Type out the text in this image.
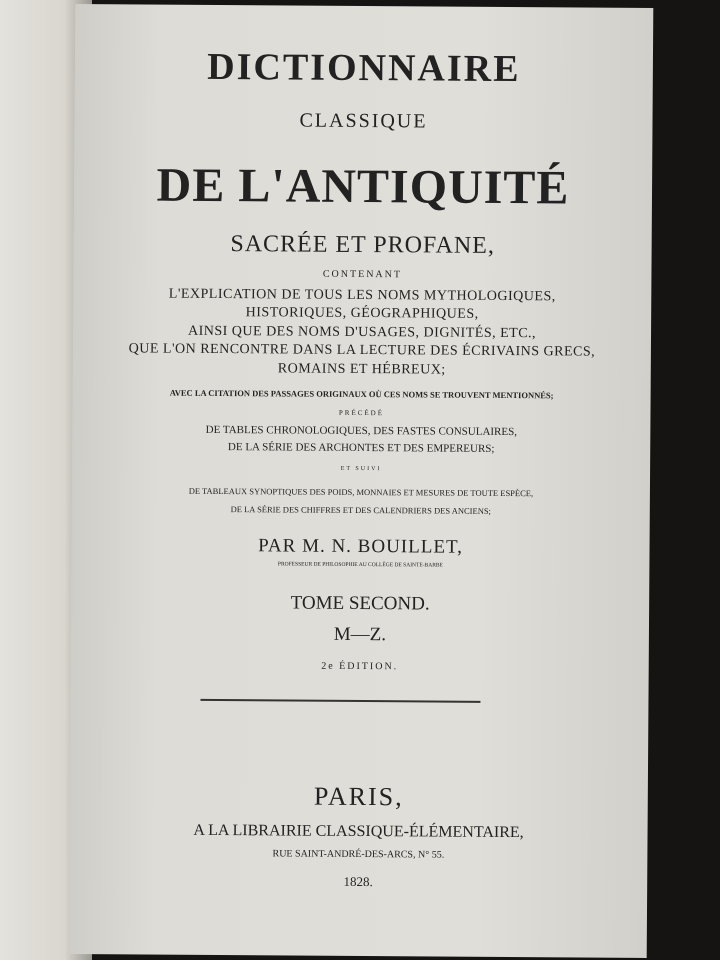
DICTIONNAIRE
CLASSIQUE
DE L'ANTIQUITÉ
SACRÉE ET PROFANE,
CONTENANT
L'EXPLICATION DE TOUS LES NOMS MYTHOLOGIQUES,
HISTORIQUES, GÉOGRAPHIQUES,
AINSI QUE DES NOMS D'USAGES, DIGNITÉS, ETC.,
QUE L'ON RENCONTRE DANS LA LECTURE DES ÉCRIVAINS GRECS,
ROMAINS ET HÉBREUX;
AVEC LA CITATION DES PASSAGES ORIGINAUX OÙ CES NOMS SE TROUVENT MENTIONNÉS;
PRÉCÉDÉ
DE TABLES CHRONOLOGIQUES, DES FASTES CONSULAIRES,
DE LA SÉRIE DES ARCHONTES ET DES EMPEREURS;
ET SUIVI
DE TABLEAUX SYNOPTIQUES DES POIDS, MONNAIES ET MESURES DE TOUTE ESPÈCE,
DE LA SÉRIE DES CHIFFRES ET DES CALENDRIERS DES ANCIENS;
PAR M. N. BOUILLET,
PROFESSEUR DE PHILOSOPHIE AU COLLÈGE DE SAINTE-BARBE
TOME SECOND.
M—Z.
2e ÉDITION.
PARIS,
A LA LIBRAIRIE CLASSIQUE-ÉLÉMENTAIRE,
RUE SAINT-ANDRÉ-DES-ARCS, N° 55.
1828.
